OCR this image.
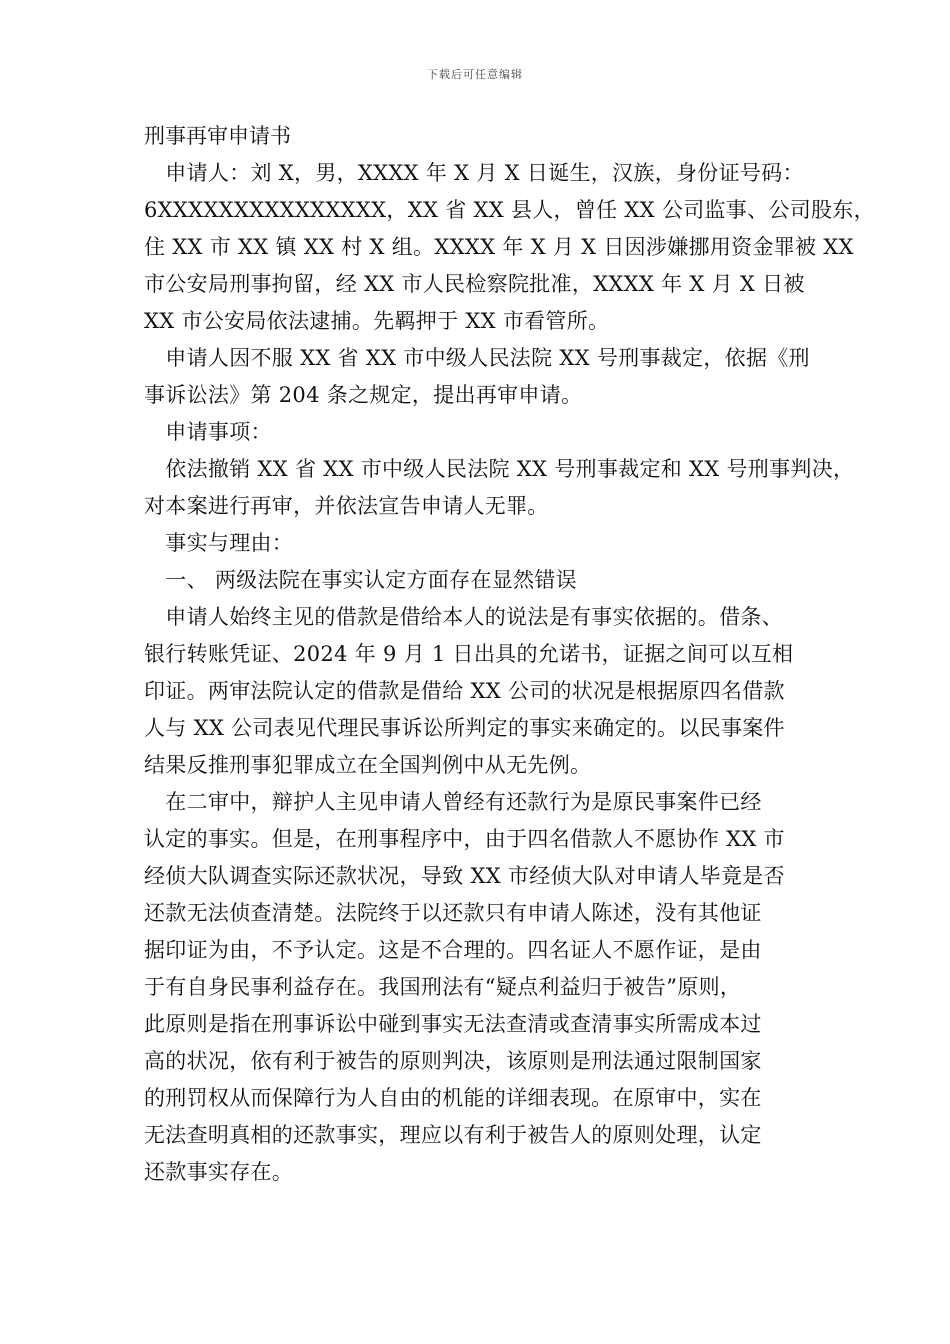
下载后可任意编辑
刑事再审申请书
　申请人：刘 X，男，XXXX 年 X 月 X 日诞生，汉族，身份证号码：
6XXXXXXXXXXXXXXX，XX 省 XX 县人，曾任 XX 公司监事、公司股东，
住 XX 市 XX 镇 XX 村 X 组。XXXX 年 X 月 X 日因涉嫌挪用资金罪被 XX
市公安局刑事拘留，经 XX 市人民检察院批准，XXXX 年 X 月 X 日被
XX 市公安局依法逮捕。先羁押于 XX 市看管所。
　申请人因不服 XX 省 XX 市中级人民法院 XX 号刑事裁定，依据《刑
事诉讼法》第 204 条之规定，提出再审申请。
　申请事项：
　依法撤销 XX 省 XX 市中级人民法院 XX 号刑事裁定和 XX 号刑事判决，
对本案进行再审，并依法宣告申请人无罪。
　事实与理由：
　一、 两级法院在事实认定方面存在显然错误
　申请人始终主见的借款是借给本人的说法是有事实依据的。借条、
银行转账凭证、2024 年 9 月 1 日出具的允诺书，证据之间可以互相
印证。两审法院认定的借款是借给 XX 公司的状况是根据原四名借款
人与 XX 公司表见代理民事诉讼所判定的事实来确定的。以民事案件
结果反推刑事犯罪成立在全国判例中从无先例。
　在二审中，辩护人主见申请人曾经有还款行为是原民事案件已经
认定的事实。但是，在刑事程序中，由于四名借款人不愿协作 XX 市
经侦大队调查实际还款状况，导致 XX 市经侦大队对申请人毕竟是否
还款无法侦查清楚。法院终于以还款只有申请人陈述，没有其他证
据印证为由，不予认定。这是不合理的。四名证人不愿作证，是由
于有自身民事利益存在。我国刑法有“疑点利益归于被告”原则，
此原则是指在刑事诉讼中碰到事实无法查清或查清事实所需成本过
高的状况，依有利于被告的原则判决，该原则是刑法通过限制国家
的刑罚权从而保障行为人自由的机能的详细表现。在原审中，实在
无法查明真相的还款事实，理应以有利于被告人的原则处理，认定
还款事实存在。
